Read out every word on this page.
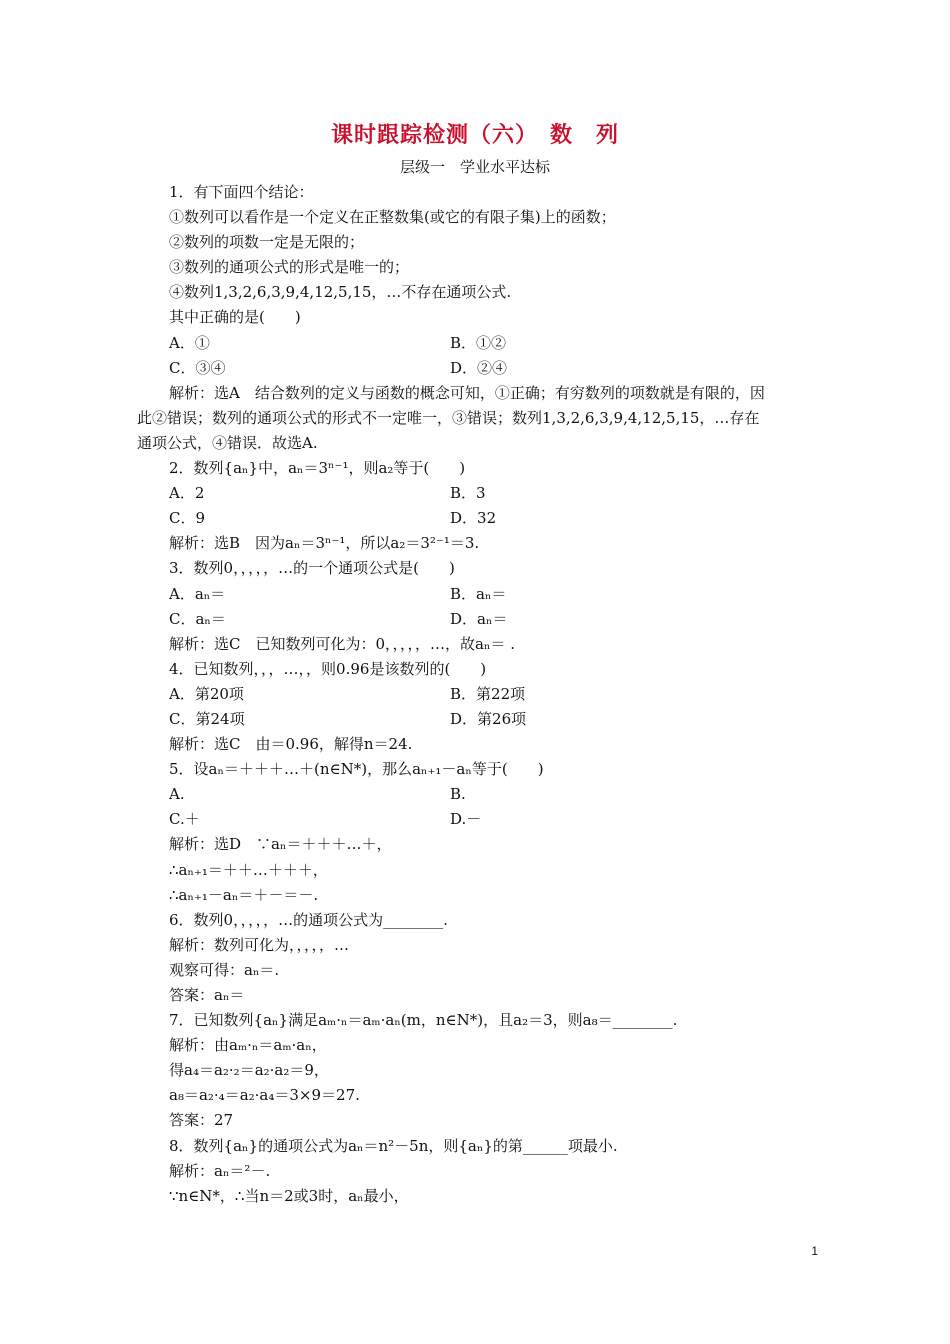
课时跟踪检测（六）　数　列
层级一　学业水平达标
1．有下面四个结论：
①数列可以看作是一个定义在正整数集(或它的有限子集)上的函数；
②数列的项数一定是无限的；
③数列的通项公式的形式是唯一的；
④数列1,3,2,6,3,9,4,12,5,15，…不存在通项公式.
其中正确的是(　　)
A．①	B．①②
C．③④	D．②④
解析：选A　结合数列的定义与函数的概念可知，①正确；有穷数列的项数就是有限的，因
此②错误；数列的通项公式的形式不一定唯一，③错误；数列1,3,2,6,3,9,4,12,5,15，…存在
通项公式，④错误．故选A.
2．数列{aₙ}中，aₙ＝3ⁿ⁻¹，则a₂等于(　　)
A．2	B．3
C．9	D．32
解析：选B　因为aₙ＝3ⁿ⁻¹，所以a₂＝3²⁻¹＝3.
3．数列0，，，，，…的一个通项公式是(　　)
A．aₙ＝	B．aₙ＝
C．aₙ＝	D．aₙ＝
解析：选C　已知数列可化为：0，，，，，…，故aₙ＝ .
4．已知数列，，，…，，则0.96是该数列的(　　)
A．第20项	B．第22项
C．第24项	D．第26项
解析：选C　由＝0.96，解得n＝24.
5．设aₙ＝＋＋＋…＋(n∈N*)，那么aₙ₊₁－aₙ等于(　　)
A.	B.
C.＋	D.－
解析：选D　∵aₙ＝＋＋＋…＋，
∴aₙ₊₁＝＋＋…＋＋＋，
∴aₙ₊₁－aₙ＝＋－＝－.
6．数列0，，，，，…的通项公式为________.
解析：数列可化为，，，，，…
观察可得：aₙ＝.
答案：aₙ＝
7．已知数列{aₙ}满足aₘ·ₙ＝aₘ·aₙ(m，n∈N*)，且a₂＝3，则a₈＝________.
解析：由aₘ·ₙ＝aₘ·aₙ，
得a₄＝a₂·₂＝a₂·a₂＝9，
a₈＝a₂·₄＝a₂·a₄＝3×9＝27.
答案：27
8．数列{aₙ}的通项公式为aₙ＝n²－5n，则{aₙ}的第______项最小.
解析：aₙ＝²－.
∵n∈N*，∴当n＝2或3时，aₙ最小，
1
